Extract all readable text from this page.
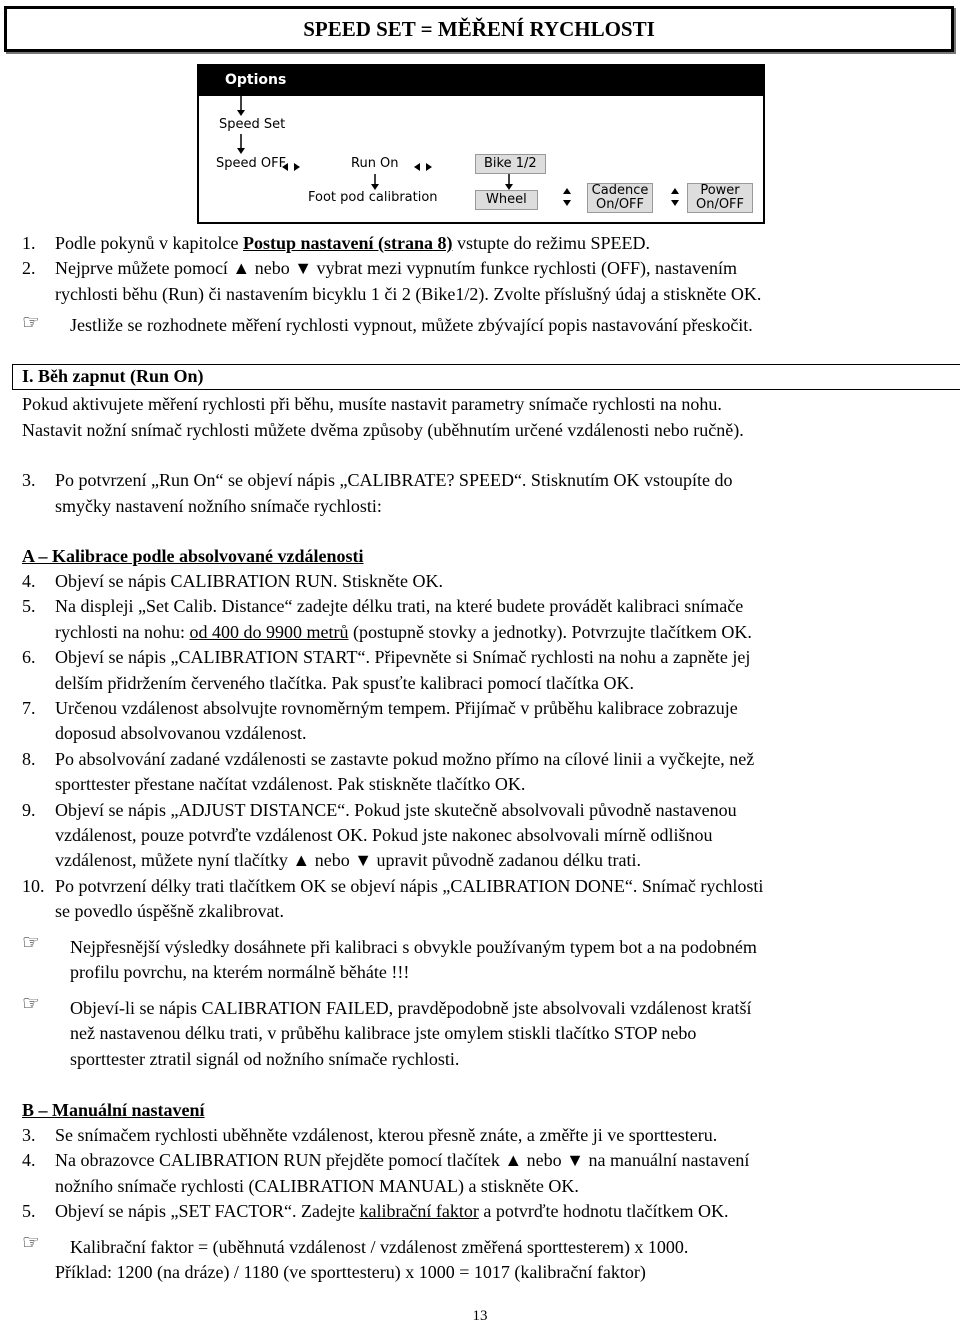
SPEED SET = MĚŘENÍ RYCHLOSTI
Options
Speed Set
Speed OFF	Run On	Bike 1/2
Foot pod calibration	Wheel
Cadence
On/OFF
Power
On/OFF
1. Podle pokynů v kapitolce Postup nastavení (strana 8) vstupte do režimu SPEED.
2. Nejprve můžete pomocí ▲ nebo ▼ vybrat mezi vypnutím funkce rychlosti (OFF), nastavením
rychlosti běhu (Run) či nastavením bicyklu 1 či 2 (Bike1/2). Zvolte příslušný údaj a stiskněte OK.
☞ Jestliže se rozhodnete měření rychlosti vypnout, můžete zbývající popis nastavování přeskočit.
I. Běh zapnut (Run On)
Pokud aktivujete měření rychlosti při běhu, musíte nastavit parametry snímače rychlosti na nohu.
Nastavit nožní snímač rychlosti můžete dvěma způsoby (uběhnutím určené vzdálenosti nebo ručně).
3. Po potvrzení „Run On“ se objeví nápis „CALIBRATE? SPEED“. Stisknutím OK vstoupíte do
smyčky nastavení nožního snímače rychlosti:
A – Kalibrace podle absolvované vzdálenosti
4. Objeví se nápis CALIBRATION RUN. Stiskněte OK.
5. Na displeji „Set Calib. Distance“ zadejte délku trati, na které budete provádět kalibraci snímače
rychlosti na nohu: od 400 do 9900 metrů (postupně stovky a jednotky). Potvrzujte tlačítkem OK.
6. Objeví se nápis „CALIBRATION START“. Připevněte si Snímač rychlosti na nohu a zapněte jej
delším přidržením červeného tlačítka. Pak spusťte kalibraci pomocí tlačítka OK.
7. Určenou vzdálenost absolvujte rovnoměrným tempem. Přijímač v průběhu kalibrace zobrazuje
doposud absolvovanou vzdálenost.
8. Po absolvování zadané vzdálenosti se zastavte pokud možno přímo na cílové linii a vyčkejte, než
sporttester přestane načítat vzdálenost. Pak stiskněte tlačítko OK.
9. Objeví se nápis „ADJUST DISTANCE“. Pokud jste skutečně absolvovali původně nastavenou
vzdálenost, pouze potvrďte vzdálenost OK. Pokud jste nakonec absolvovali mírně odlišnou
vzdálenost, můžete nyní tlačítky ▲ nebo ▼ upravit původně zadanou délku trati.
10. Po potvrzení délky trati tlačítkem OK se objeví nápis „CALIBRATION DONE“. Snímač rychlosti
se povedlo úspěšně zkalibrovat.
☞ Nejpřesnější výsledky dosáhnete při kalibraci s obvykle používaným typem bot a na podobném
profilu povrchu, na kterém normálně běháte !!!
☞ Objeví-li se nápis CALIBRATION FAILED, pravděpodobně jste absolvovali vzdálenost kratší
než nastavenou délku trati, v průběhu kalibrace jste omylem stiskli tlačítko STOP nebo
sporttester ztratil signál od nožního snímače rychlosti.
B – Manuální nastavení
3. Se snímačem rychlosti uběhněte vzdálenost, kterou přesně znáte, a změřte ji ve sporttesteru.
4. Na obrazovce CALIBRATION RUN přejděte pomocí tlačítek ▲ nebo ▼ na manuální nastavení
nožního snímače rychlosti (CALIBRATION MANUAL) a stiskněte OK.
5. Objeví se nápis „SET FACTOR“. Zadejte kalibrační faktor a potvrďte hodnotu tlačítkem OK.
☞ Kalibrační faktor = (uběhnutá vzdálenost / vzdálenost změřená sporttesterem) x 1000.
Příklad: 1200 (na dráze) / 1180 (ve sporttesteru) x 1000 = 1017 (kalibrační faktor)
13
